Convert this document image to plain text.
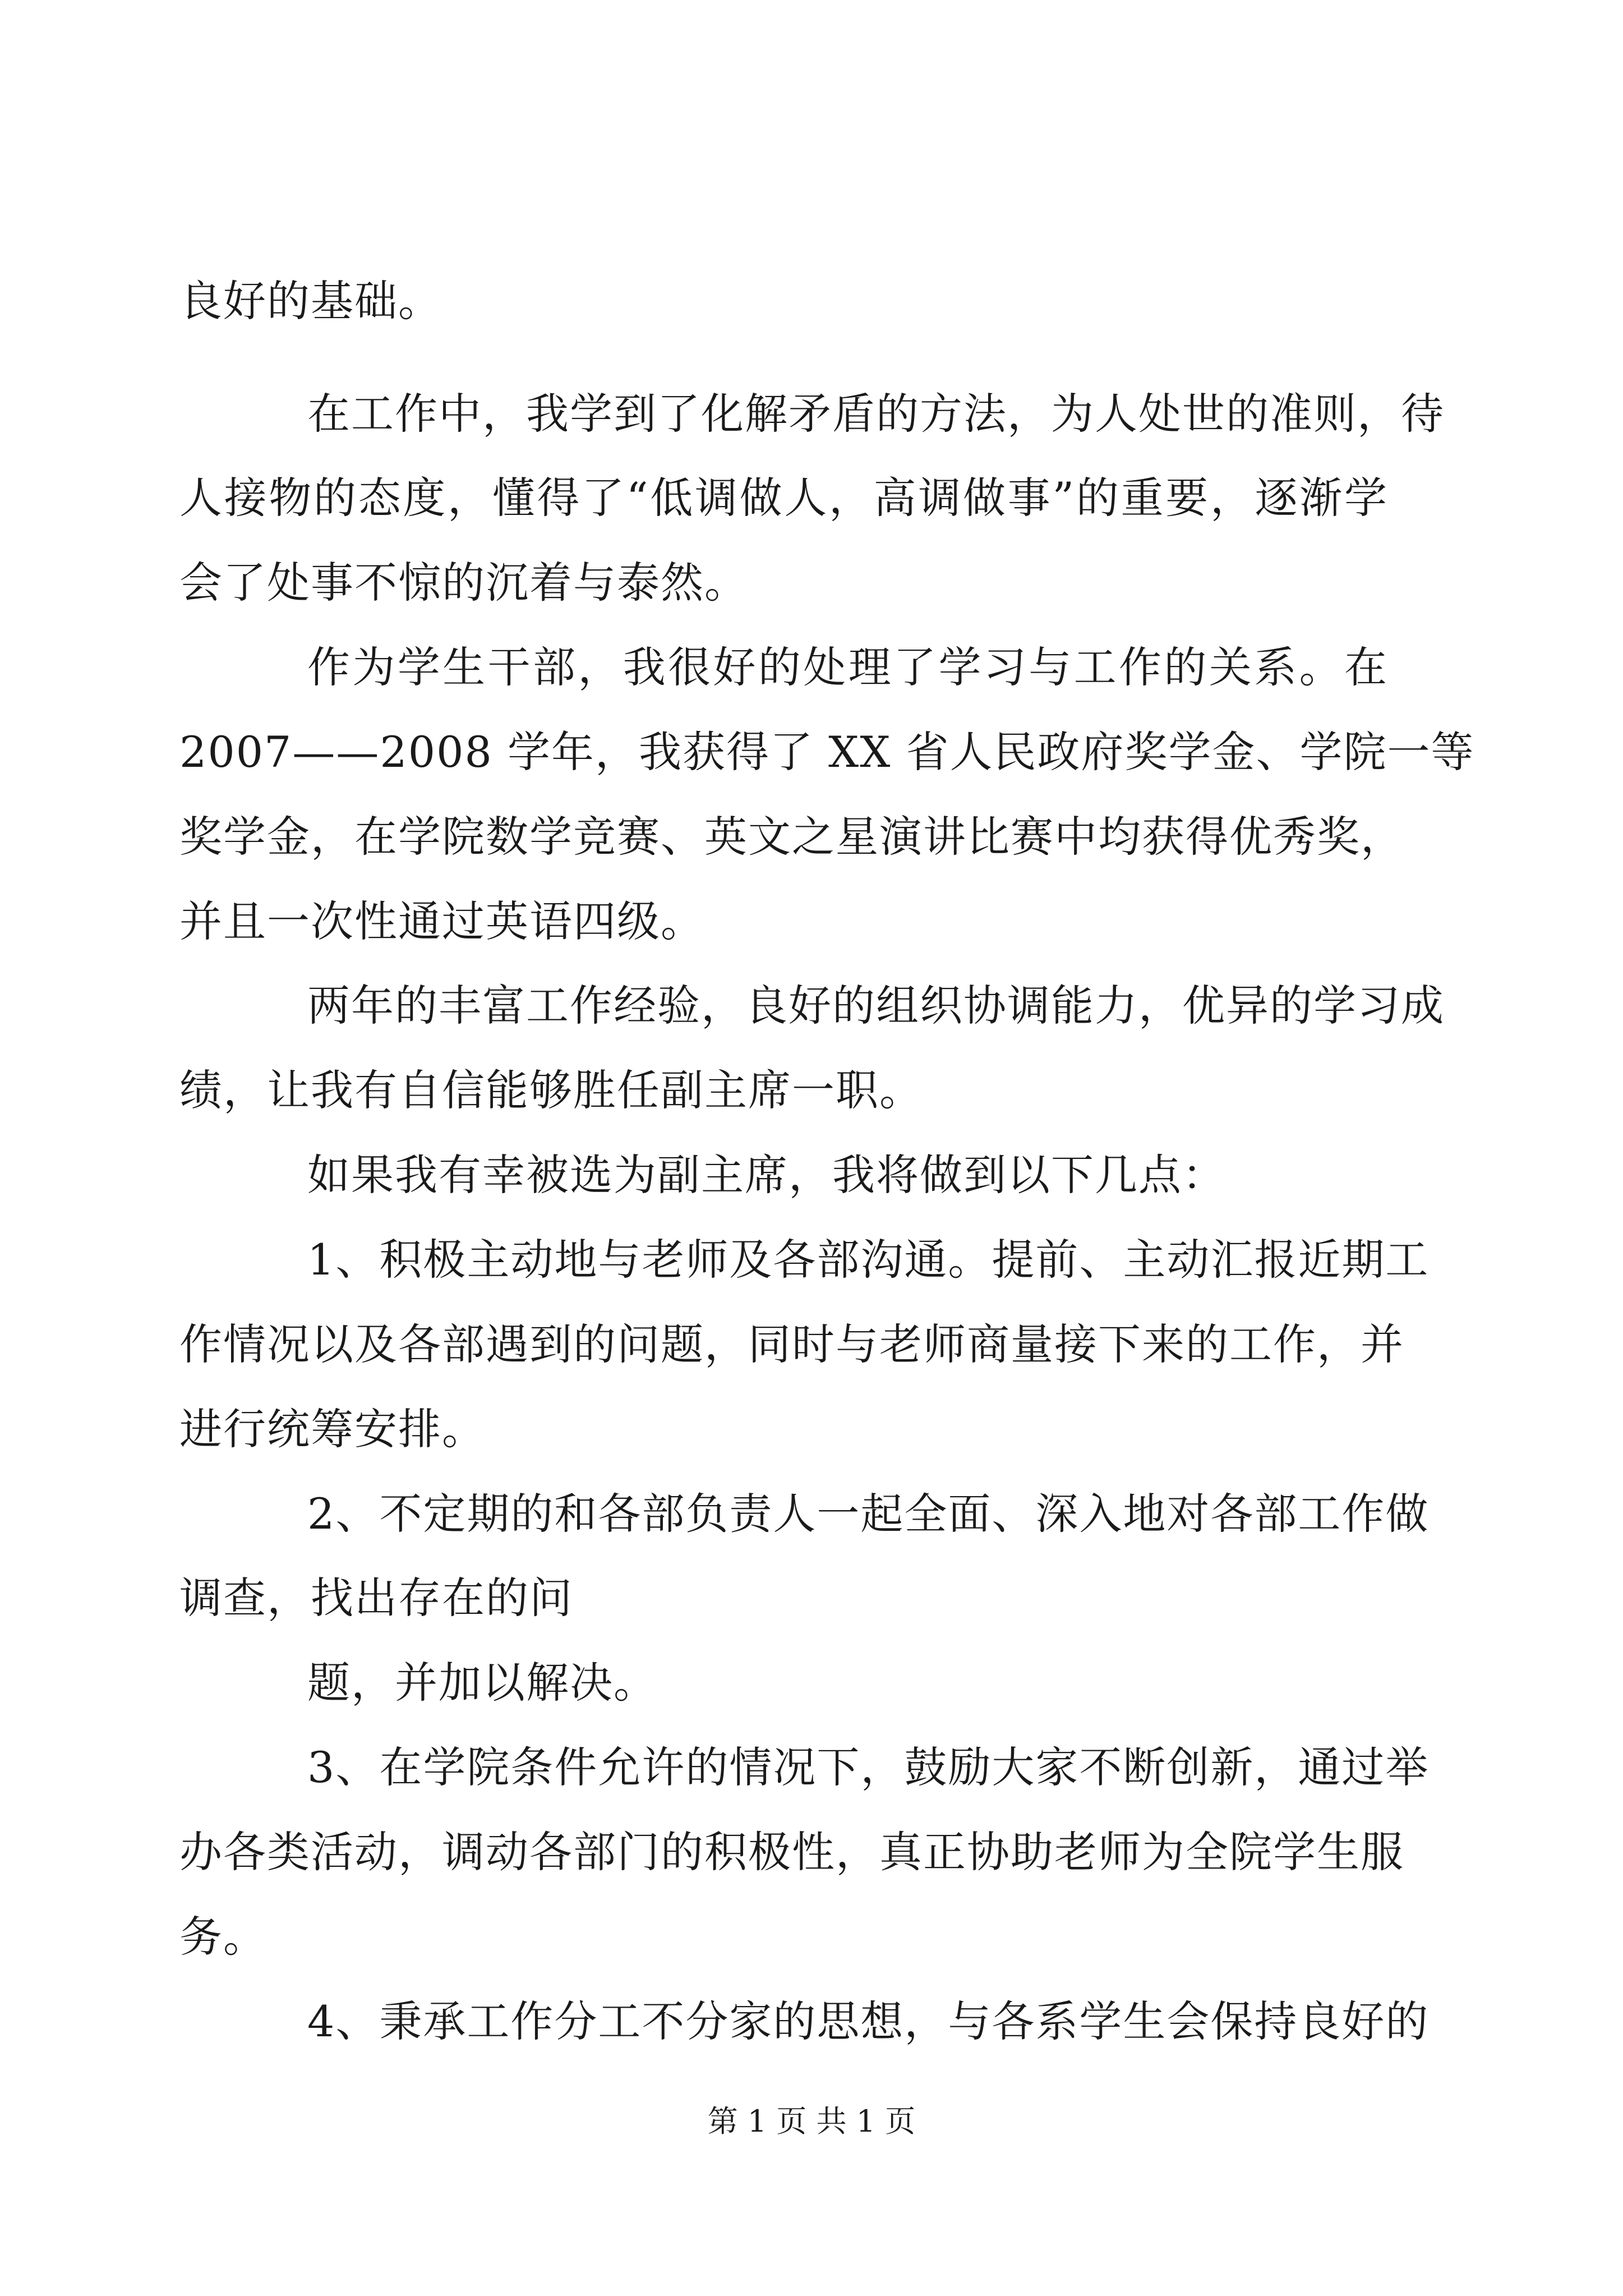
良好的基础。
在工作中，我学到了化解矛盾的方法，为人处世的准则，待
人接物的态度，懂得了“低调做人，高调做事”的重要，逐渐学
会了处事不惊的沉着与泰然。
作为学生干部，我很好的处理了学习与工作的关系。在
2007——2008 学年，我获得了 XX 省人民政府奖学金、学院一等
奖学金，在学院数学竞赛、英文之星演讲比赛中均获得优秀奖，
并且一次性通过英语四级。
两年的丰富工作经验，良好的组织协调能力，优异的学习成
绩，让我有自信能够胜任副主席一职。
如果我有幸被选为副主席，我将做到以下几点：
1、积极主动地与老师及各部沟通。提前、主动汇报近期工
作情况以及各部遇到的问题，同时与老师商量接下来的工作，并
进行统筹安排。
2、不定期的和各部负责人一起全面、深入地对各部工作做
调查，找出存在的问
题，并加以解决。
3、在学院条件允许的情况下，鼓励大家不断创新，通过举
办各类活动，调动各部门的积极性，真正协助老师为全院学生服
务。
4、秉承工作分工不分家的思想，与各系学生会保持良好的
第 1 页 共 1 页
